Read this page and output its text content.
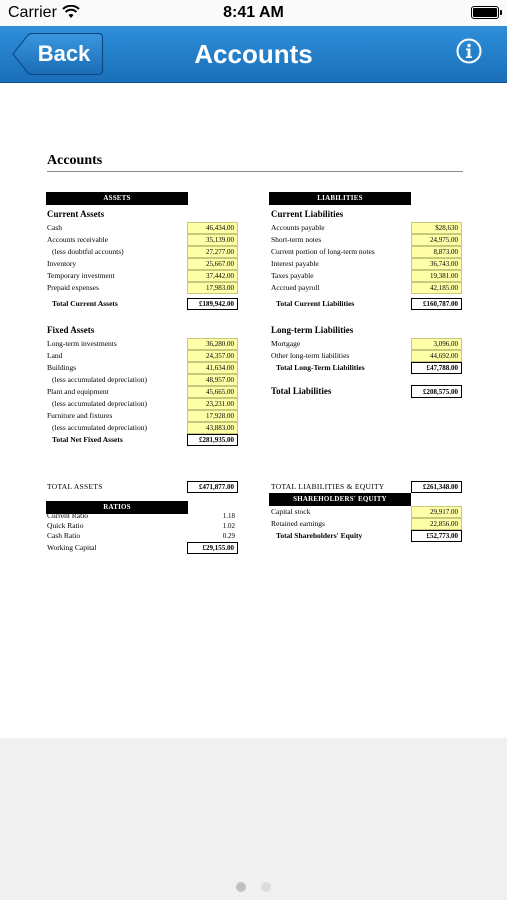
Carrier	8:41 AM
Back	Accounts
Accounts
ASSETS
Current Assets
Cash	46,434.00
Accounts receivable	35,139.00
(less doubtful accounts)	27,277.00
Inventory	25,667.00
Temporary investment	37,442.00
Prepaid expenses	17,983.00
Total Current Assets	£189,942.00
Fixed Assets
Long-term investments	36,280.00
Land	24,357.00
Buildings	41,634.00
(less accumulated depreciation)	48,957.00
Plant and equipment	45,665.00
(less accumulated depreciation)	23,231.00
Furniture and fixtures	17,928.00
(less accumulated depreciation)	43,883.00
Total Net Fixed Assets	£281,935.00
TOTAL ASSETS	£471,877.00
RATIOS
Current Ratio	1.18
Quick Ratio	1.02
Cash Ratio	0.29
Working Capital	£29,155.00
LIABILITIES
Current Liabilities
Accounts payable	$28,630
Short-term notes	24,975.00
Current portion of long-term notes	8,873.00
Interest payable	36,743.00
Taxes payable	19,381.00
Accrued payroll	42,185.00
Total Current Liabilities	£160,787.00
Long-term Liabilities
Mortgage	3,096.00
Other long-term liabilities	44,692.00
Total Long-Term Liabilities	£47,788.00
Total Liabilities	£208,575.00
SHAREHOLDERS' EQUITY
Capital stock	29,917.00
Retained earnings	22,856.00
Total Shareholders' Equity	£52,773.00
TOTAL LIABILITIES & EQUITY	£261,348.00
